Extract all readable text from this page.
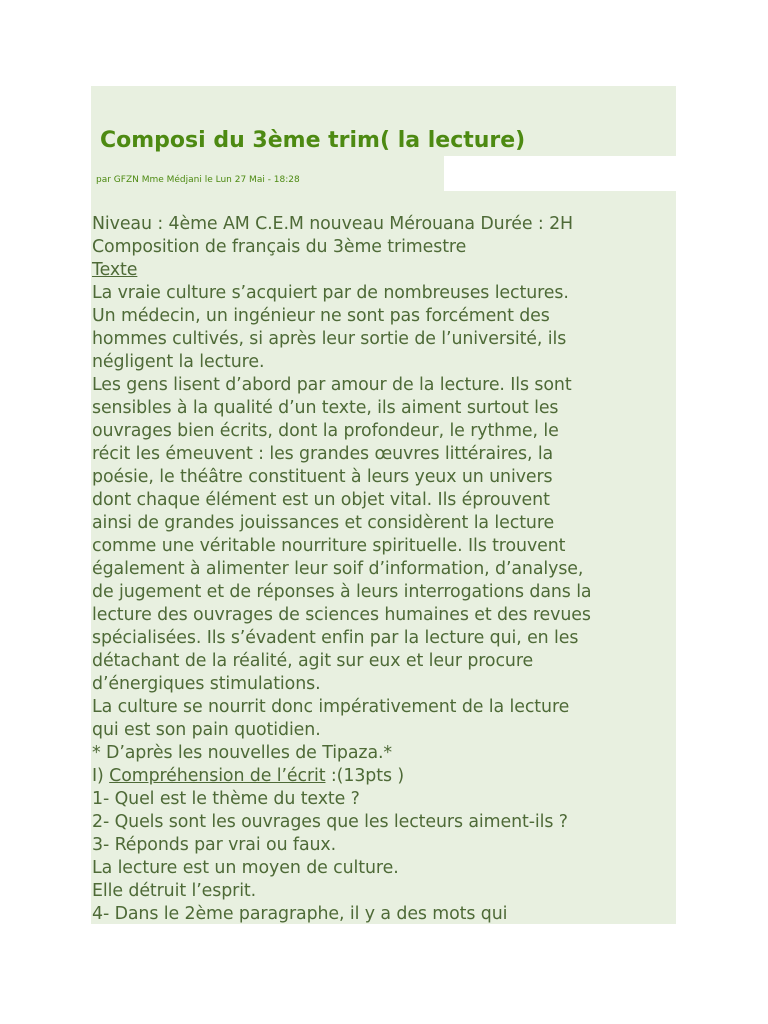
Composi du 3ème trim( la lecture)
par GFZN Mme Médjani le Lun 27 Mai - 18:28
Niveau : 4ème AM C.E.M nouveau Mérouana Durée : 2H
Composition de français du 3ème trimestre
Texte
La vraie culture s’acquiert par de nombreuses lectures.
Un médecin, un ingénieur ne sont pas forcément des
hommes cultivés, si après leur sortie de l’université, ils
négligent la lecture.
Les gens lisent d’abord par amour de la lecture. Ils sont
sensibles à la qualité d’un texte, ils aiment surtout les
ouvrages bien écrits, dont la profondeur, le rythme, le
récit les émeuvent : les grandes œuvres littéraires, la
poésie, le théâtre constituent à leurs yeux un univers
dont chaque élément est un objet vital. Ils éprouvent
ainsi de grandes jouissances et considèrent la lecture
comme une véritable nourriture spirituelle. Ils trouvent
également à alimenter leur soif d’information, d’analyse,
de jugement et de réponses à leurs interrogations dans la
lecture des ouvrages de sciences humaines et des revues
spécialisées. Ils s’évadent enfin par la lecture qui, en les
détachant de la réalité, agit sur eux et leur procure
d’énergiques stimulations.
La culture se nourrit donc impérativement de la lecture
qui est son pain quotidien.
* D’après les nouvelles de Tipaza.*
I) Compréhension de l’écrit :(13pts )
1- Quel est le thème du texte ?
2- Quels sont les ouvrages que les lecteurs aiment-ils ?
3- Réponds par vrai ou faux.
La lecture est un moyen de culture.
Elle détruit l’esprit.
4- Dans le 2ème paragraphe, il y a des mots qui
